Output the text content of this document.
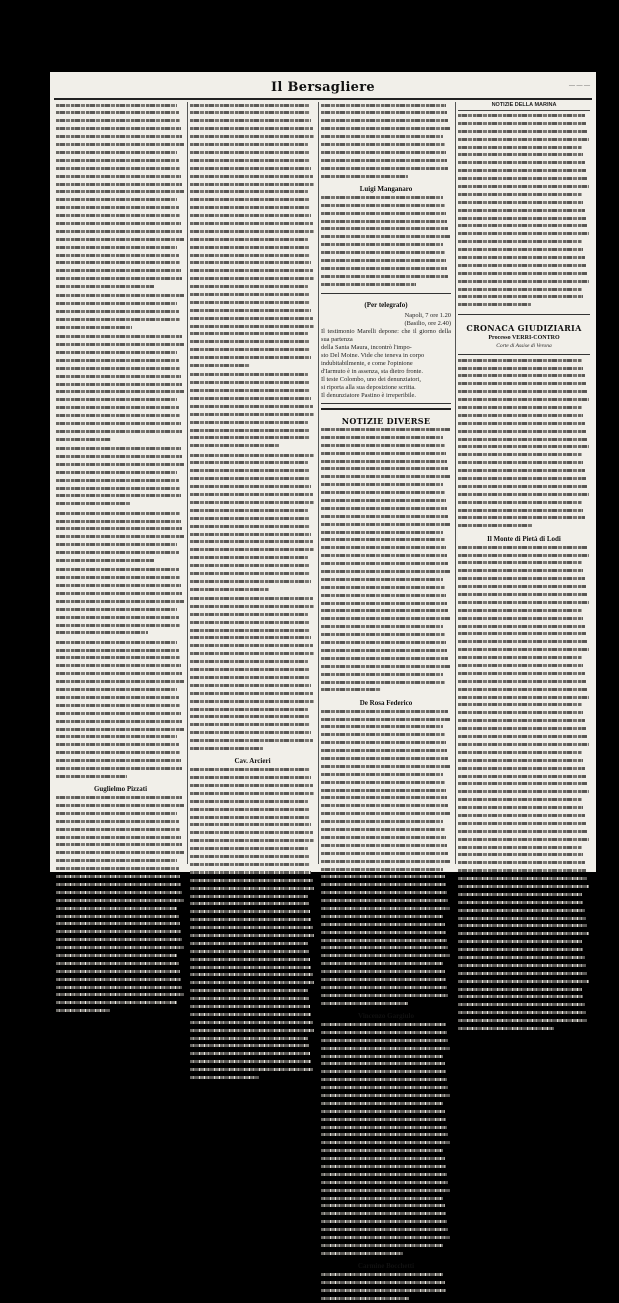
Il Bersagliere	— — —
Guglielmo Pizzati
Cav. Arcieri
Luigi Manganaro
(Per telegrafo)
Napoli, 7 ore 1.20
(Basilio, ore 2.40)
Il testimonio Marelli depone: che il giorno della sua partenza
della Santa Maura, incontrò l'impo-
sto Del Moine. Vide che teneva in corpo
indubitabilmente, e come l'opinione
d'Iarmuto è in assenza, sta dietro fronte.
Il teste Colombo, uno dei denunziatori,
si riporta alla sua deposizione scritta.
Il denunziatore Pastino è irreperibile.
NOTIZIE DIVERSE
De Rosa Federico
Vincenzo Gargiulo
Carmine Bocchetti
NOTIZIE DELLA MARINA
CRONACA GIUDIZIARIA
Processo VERRI-CONTRO
Corte di Assise di Verona
Il Monte di Pietà di Lodi
